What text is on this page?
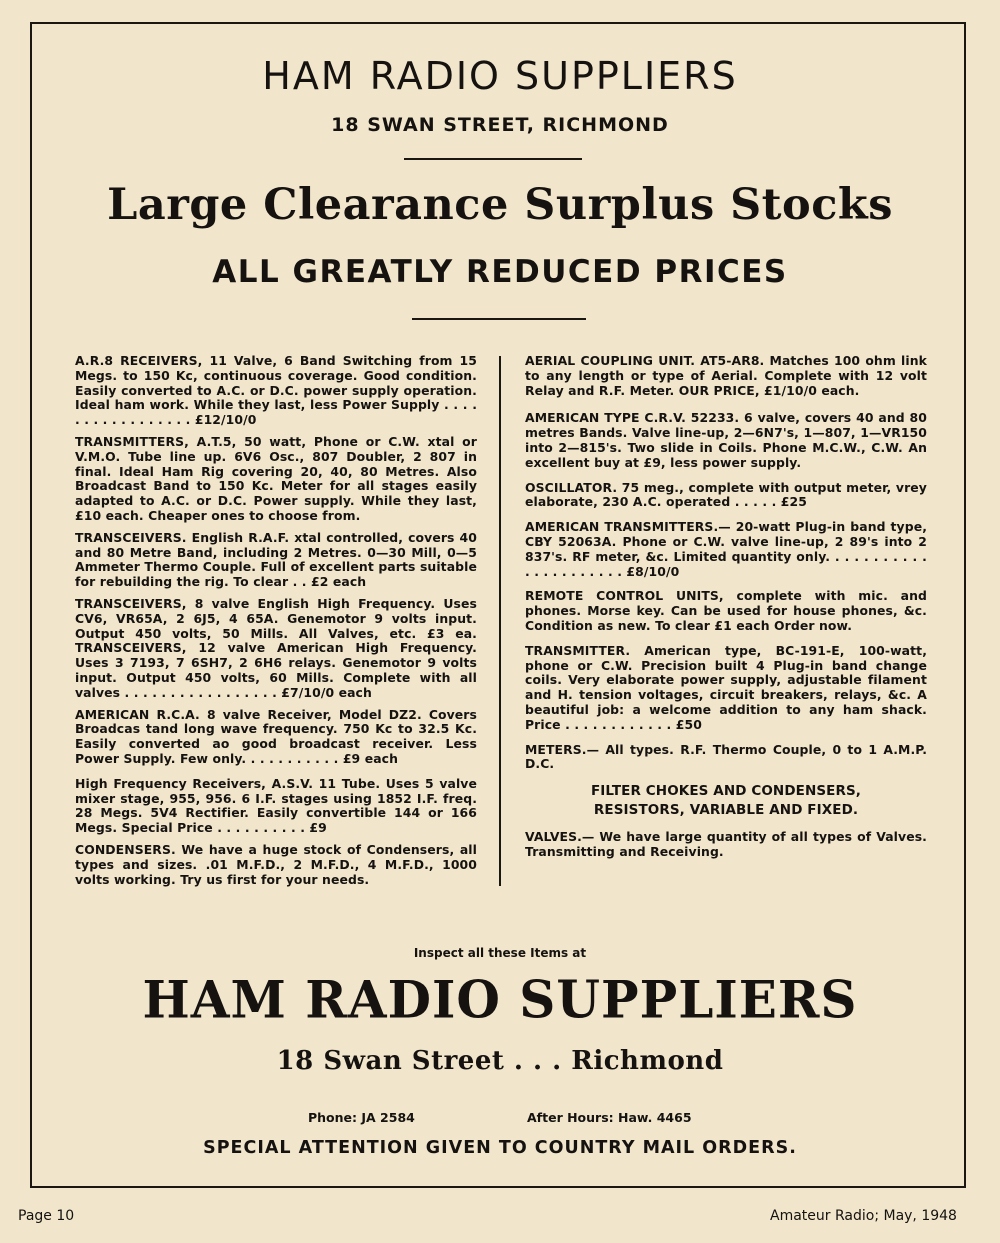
HAM RADIO SUPPLIERS
18 SWAN STREET, RICHMOND
Large Clearance Surplus Stocks
ALL GREATLY REDUCED PRICES
A.R.8 RECEIVERS, 11 Valve, 6 Band Switching from 15 Megs. to 150 Kc, continuous coverage. Good condition. Easily converted to A.C. or D.C. power supply operation. Ideal ham work. While they last, less Power Supply . . . . . . . . . . . . . . . . . £12/10/0
TRANSMITTERS, A.T.5, 50 watt, Phone or C.W. xtal or V.M.O. Tube line up. 6V6 Osc., 807 Doubler, 2 807 in final. Ideal Ham Rig covering 20, 40, 80 Metres. Also Broadcast Band to 150 Kc. Meter for all stages easily adapted to A.C. or D.C. Power supply. While they last, £10 each. Cheaper ones to choose from.
TRANSCEIVERS. English R.A.F. xtal controlled, covers 40 and 80 Metre Band, including 2 Metres. 0—30 Mill, 0—5 Ammeter Thermo Couple. Full of excellent parts suitable for rebuilding the rig. To clear . . £2 each
TRANSCEIVERS, 8 valve English High Frequency. Uses CV6, VR65A, 2 6J5, 4 65A. Genemotor 9 volts input. Output 450 volts, 50 Mills. All Valves, etc. £3 ea. TRANSCEIVERS, 12 valve American High Frequency. Uses 3 7193, 7 6SH7, 2 6H6 relays. Genemotor 9 volts input. Output 450 volts, 60 Mills. Complete with all valves . . . . . . . . . . . . . . . . . £7/10/0 each
AMERICAN R.C.A. 8 valve Receiver, Model DZ2. Covers Broadcas tand long wave frequency. 750 Kc to 32.5 Kc. Easily converted ao good broadcast receiver. Less Power Supply. Few only. . . . . . . . . . . £9 each
High Frequency Receivers, A.S.V. 11 Tube. Uses 5 valve mixer stage, 955, 956. 6 I.F. stages using 1852 I.F. freq. 28 Megs. 5V4 Rectifier. Easily convertible 144 or 166 Megs. Special Price . . . . . . . . . . £9
CONDENSERS. We have a huge stock of Condensers, all types and sizes. .01 M.F.D., 2 M.F.D., 4 M.F.D., 1000 volts working. Try us first for your needs.
AERIAL COUPLING UNIT. AT5-AR8. Matches 100 ohm link to any length or type of Aerial. Complete with 12 volt Relay and R.F. Meter. OUR PRICE, £1/10/0 each.
AMERICAN TYPE C.R.V. 52233. 6 valve, covers 40 and 80 metres Bands. Valve line-up, 2—6N7's, 1—807, 1—VR150 into 2—815's. Two slide in Coils. Phone M.C.W., C.W. An excellent buy at £9, less power supply.
OSCILLATOR. 75 meg., complete with output meter, vrey elaborate, 230 A.C. operated . . . . . £25
AMERICAN TRANSMITTERS.— 20-watt Plug-in band type, CBY 52063A. Phone or C.W. valve line-up, 2 89's into 2 837's. RF meter, &c. Limited quantity only. . . . . . . . . . . . . . . . . . . . . . £8/10/0
REMOTE CONTROL UNITS, complete with mic. and phones. Morse key. Can be used for house phones, &c. Condition as new. To clear £1 each Order now.
TRANSMITTER. American type, BC-191-E, 100-watt, phone or C.W. Precision built 4 Plug-in band change coils. Very elaborate power supply, adjustable filament and H. tension voltages, circuit breakers, relays, &c. A beautiful job: a welcome addition to any ham shack. Price . . . . . . . . . . . . £50
METERS.— All types. R.F. Thermo Couple, 0 to 1 A.M.P. D.C.
FILTER CHOKES AND CONDENSERS, RESISTORS, VARIABLE AND FIXED.
VALVES.— We have large quantity of all types of Valves. Transmitting and Receiving.
Inspect all these Items at
HAM RADIO SUPPLIERS
18 Swan Street . . . Richmond
Phone: JA 2584	After Hours: Haw. 4465
SPECIAL ATTENTION GIVEN TO COUNTRY MAIL ORDERS.
Page 10	Amateur Radio; May, 1948
